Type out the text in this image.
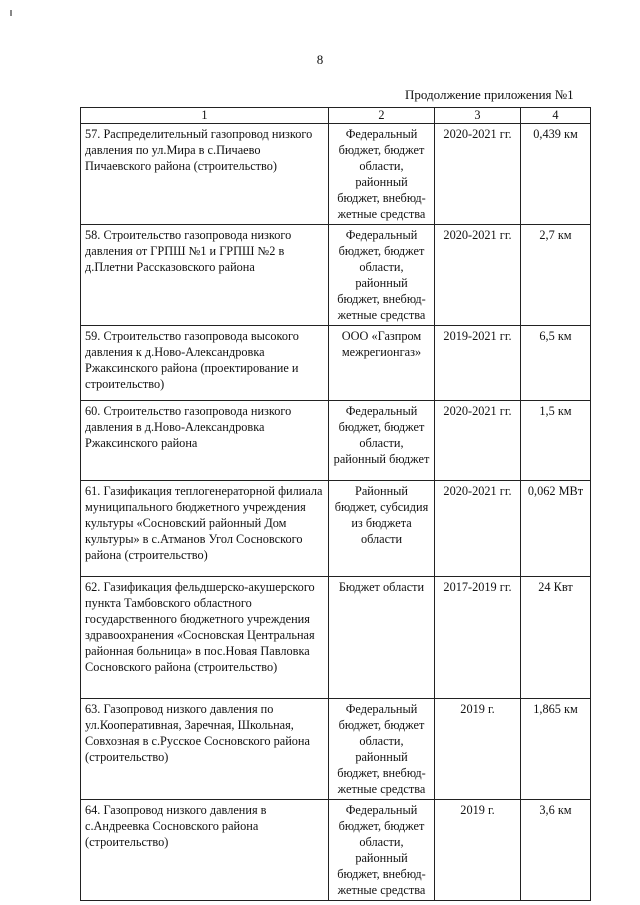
8
Продолжение приложения №1
1	2	3	4
57. Распределительный газопровод низкого давления по ул.Мира в с.Пичаево Пичаевского района (строительство)	Федеральный бюджет, бюджет области, районный бюджет, внебюд-жетные средства	2020-2021 гг.	0,439 км
58. Строительство газопровода низкого давления от ГРПШ №1 и ГРПШ №2 в д.Плетни Рассказовского района	Федеральный бюджет, бюджет области, районный бюджет, внебюд-жетные средства	2020-2021 гг.	2,7 км
59. Строительство газопровода высокого давления к д.Ново-Александровка Ржаксинского района (проектирование и строительство)	ООО «Газпром межрегионгаз»	2019-2021 гг.	6,5 км
60. Строительство газопровода низкого давления в д.Ново-Александровка Ржаксинского района	Федеральный бюджет, бюджет области, районный бюджет	2020-2021 гг.	1,5 км
61. Газификация теплогенераторной филиала муниципального бюджетного учреждения культуры «Сосновский районный Дом культуры» в с.Атманов Угол Сосновского района (строительство)	Районный бюджет, субсидия из бюджета области	2020-2021 гг.	0,062 МВт
62. Газификация фельдшерско-акушерского пункта Тамбовского областного государственного бюджетного учреждения здравоохранения «Сосновская Центральная районная больница» в пос.Новая Павловка Сосновского района (строительство)	Бюджет области	2017-2019 гг.	24 Квт
63. Газопровод низкого давления по ул.Кооперативная, Заречная, Школьная, Совхозная в с.Русское Сосновского района (строительство)	Федеральный бюджет, бюджет области, районный бюджет, внебюд-жетные средства	2019 г.	1,865 км
64. Газопровод низкого давления в с.Андреевка Сосновского района (строительство)	Федеральный бюджет, бюджет области, районный бюджет, внебюд-жетные средства	2019 г.	3,6 км
